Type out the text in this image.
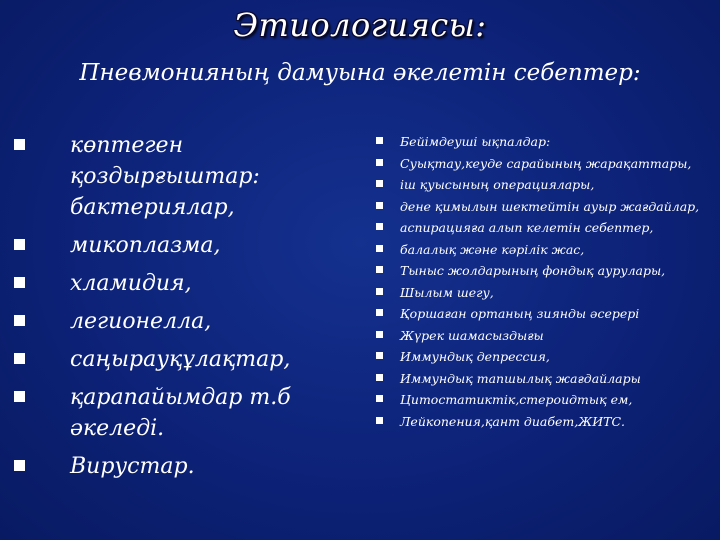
Этиологиясы:
Пневмонияның дамуына әкелетін себептер:
көптеген қоздырғыштар: бактериялар,
микоплазма,
хламидия,
легионелла,
саңырауқұлақтар,
қарапайымдар т.б әкеледі.
Вирустар.
Бейімдеуші ықпалдар:
Суықтау,кеуде сарайының жарақаттары,
іш қуысының операциялары,
дене қимылын шектейтін ауыр жағдайлар,
аспирацияға алып келетін себептер,
балалық және кәрілік жас,
Тыныс жолдарының фондық аурулары,
Шылым шегу,
Қоршаған ортаның зиянды әсерері
Жүрек шамасыздығы
Иммундық депрессия,
Иммундық тапшылық жағдайлары
Цитостатиктік,стероидтық ем,
Лейкопения,қант диабет,ЖИТС.
